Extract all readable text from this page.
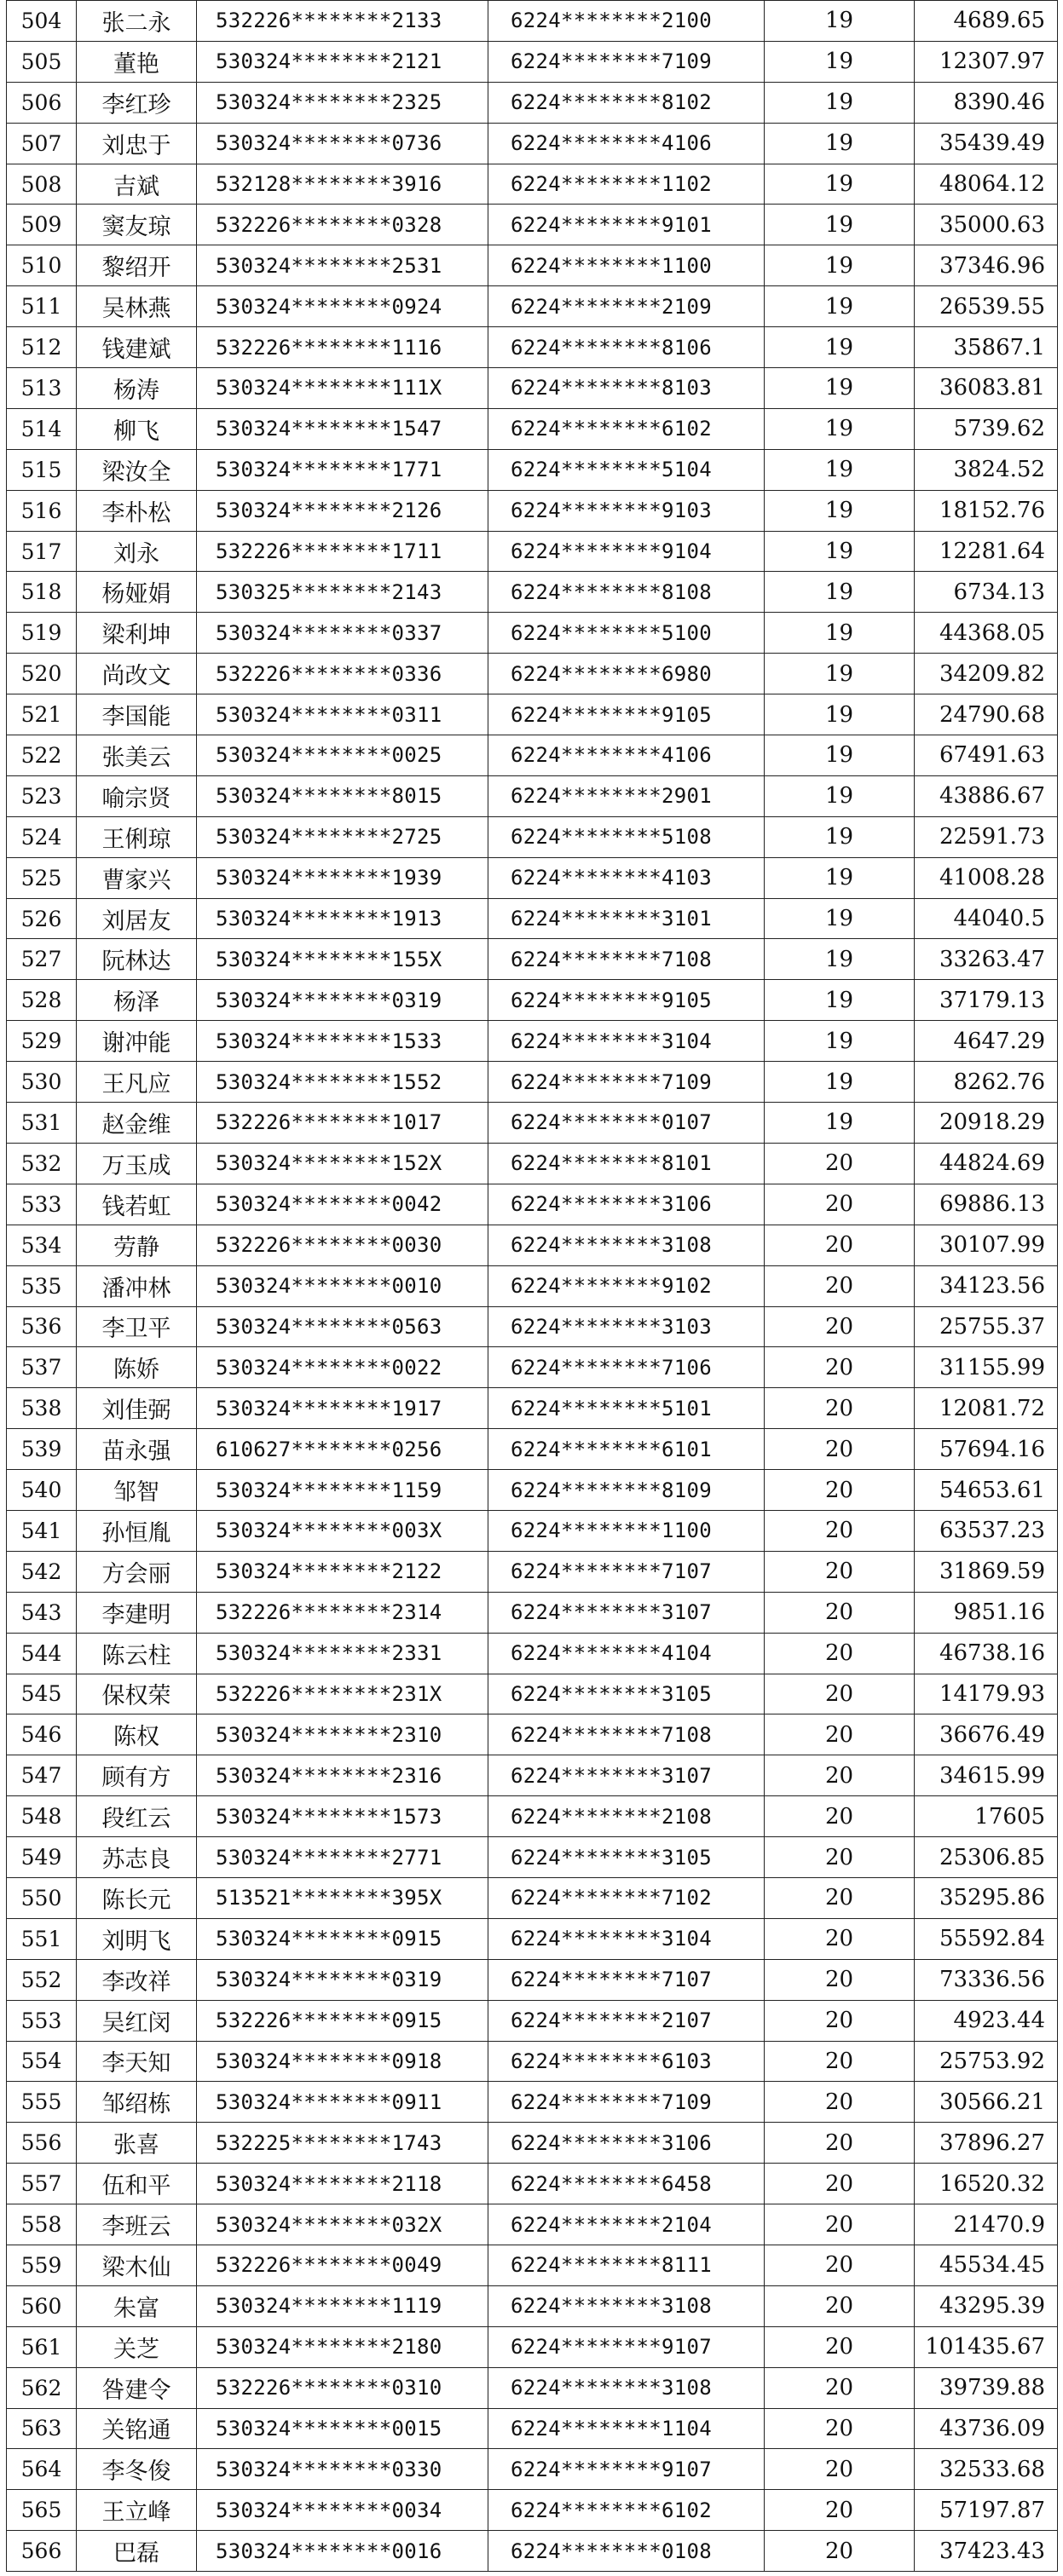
504	张二永	532226********2133	6224********2100	19	4689.65
505	董艳	530324********2121	6224********7109	19	12307.97
506	李红珍	530324********2325	6224********8102	19	8390.46
507	刘忠于	530324********0736	6224********4106	19	35439.49
508	吉斌	532128********3916	6224********1102	19	48064.12
509	窦友琼	532226********0328	6224********9101	19	35000.63
510	黎绍开	530324********2531	6224********1100	19	37346.96
511	吴林燕	530324********0924	6224********2109	19	26539.55
512	钱建斌	532226********1116	6224********8106	19	35867.1
513	杨涛	530324********111X	6224********8103	19	36083.81
514	柳飞	530324********1547	6224********6102	19	5739.62
515	梁汝全	530324********1771	6224********5104	19	3824.52
516	李朴松	530324********2126	6224********9103	19	18152.76
517	刘永	532226********1711	6224********9104	19	12281.64
518	杨娅娟	530325********2143	6224********8108	19	6734.13
519	梁利坤	530324********0337	6224********5100	19	44368.05
520	尚改文	532226********0336	6224********6980	19	34209.82
521	李国能	530324********0311	6224********9105	19	24790.68
522	张美云	530324********0025	6224********4106	19	67491.63
523	喻宗贤	530324********8015	6224********2901	19	43886.67
524	王俐琼	530324********2725	6224********5108	19	22591.73
525	曹家兴	530324********1939	6224********4103	19	41008.28
526	刘居友	530324********1913	6224********3101	19	44040.5
527	阮林达	530324********155X	6224********7108	19	33263.47
528	杨泽	530324********0319	6224********9105	19	37179.13
529	谢冲能	530324********1533	6224********3104	19	4647.29
530	王凡应	530324********1552	6224********7109	19	8262.76
531	赵金维	532226********1017	6224********0107	19	20918.29
532	万玉成	530324********152X	6224********8101	20	44824.69
533	钱若虹	530324********0042	6224********3106	20	69886.13
534	劳静	532226********0030	6224********3108	20	30107.99
535	潘冲林	530324********0010	6224********9102	20	34123.56
536	李卫平	530324********0563	6224********3103	20	25755.37
537	陈娇	530324********0022	6224********7106	20	31155.99
538	刘佳弼	530324********1917	6224********5101	20	12081.72
539	苗永强	610627********0256	6224********6101	20	57694.16
540	邹智	530324********1159	6224********8109	20	54653.61
541	孙恒胤	530324********003X	6224********1100	20	63537.23
542	方会丽	530324********2122	6224********7107	20	31869.59
543	李建明	532226********2314	6224********3107	20	9851.16
544	陈云柱	530324********2331	6224********4104	20	46738.16
545	保权荣	532226********231X	6224********3105	20	14179.93
546	陈权	530324********2310	6224********7108	20	36676.49
547	顾有方	530324********2316	6224********3107	20	34615.99
548	段红云	530324********1573	6224********2108	20	17605
549	苏志良	530324********2771	6224********3105	20	25306.85
550	陈长元	513521********395X	6224********7102	20	35295.86
551	刘明飞	530324********0915	6224********3104	20	55592.84
552	李改祥	530324********0319	6224********7107	20	73336.56
553	吴红闵	532226********0915	6224********2107	20	4923.44
554	李天知	530324********0918	6224********6103	20	25753.92
555	邹绍栋	530324********0911	6224********7109	20	30566.21
556	张喜	532225********1743	6224********3106	20	37896.27
557	伍和平	530324********2118	6224********6458	20	16520.32
558	李班云	530324********032X	6224********2104	20	21470.9
559	梁木仙	532226********0049	6224********8111	20	45534.45
560	朱富	530324********1119	6224********3108	20	43295.39
561	关芝	530324********2180	6224********9107	20	101435.67
562	咎建令	532226********0310	6224********3108	20	39739.88
563	关铭通	530324********0015	6224********1104	20	43736.09
564	李冬俊	530324********0330	6224********9107	20	32533.68
565	王立峰	530324********0034	6224********6102	20	57197.87
566	巴磊	530324********0016	6224********0108	20	37423.43
